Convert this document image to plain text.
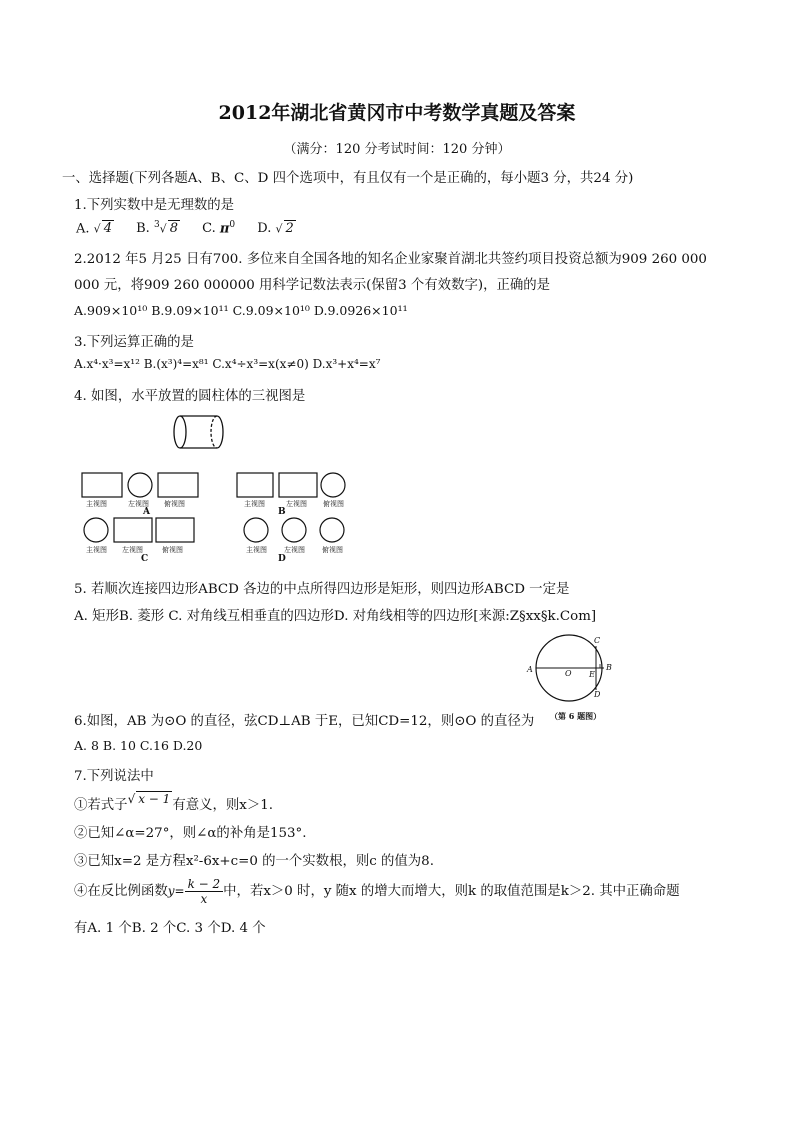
2012年湖北省黄冈市中考数学真题及答案
（满分：120 分考试时间：120 分钟）
一、选择题(下列各题A、B、C、D 四个选项中，有且仅有一个是正确的，每小题3 分，共24 分)
1.下列实数中是无理数的是
A. √ 4 B. $^3$√ 8 C. $\pi^0$ D. √ 2
2.2012 年5 月25 日有700. 多位来自全国各地的知名企业家聚首湖北共签约项目投资总额为909 260 000
000 元，将909 260 000000 用科学记数法表示(保留3 个有效数字)，正确的是
A.909×10¹⁰ B.9.09×10¹¹ C.9.09×10¹⁰ D.9.0926×10¹¹
3.下列运算正确的是
A.x⁴·x³=x¹² B.(x³)⁴=x⁸¹ C.x⁴÷x³=x(x≠0) D.x³+x⁴=x⁷
4. 如图，水平放置的圆柱体的三视图是
主视图	左视图 俯视图
A
主视图	左视图 俯视图
B
主视图 左视图	俯视图
C
主视图 左视图 俯视图
D
5. 若顺次连接四边形ABCD 各边的中点所得四边形是矩形，则四边形ABCD 一定是
A. 矩形B. 菱形 C. 对角线互相垂直的四边形D. 对角线相等的四边形[来源:Z§xx§k.Com]
A	B
C
D
O E
（第 6 题图）
6.如图，AB 为⊙O 的直径，弦CD⊥AB 于E，已知CD=12，则⊙O 的直径为
A. 8 B. 10 C.16 D.20
7.下列说法中
①若式子√ x − 1 有意义，则x＞1.
②已知∠α=27°，则∠α的补角是153°.
③已知x=2 是方程x²-6x+c=0 的一个实数根，则c 的值为8.
④在反比例函数$y= \frac{k - 2}{x}$ 中，若x＞0 时，y 随x 的增大而增大，则k 的取值范围是k＞2. 其中正确命题
有A. 1 个B. 2 个C. 3 个D. 4 个
